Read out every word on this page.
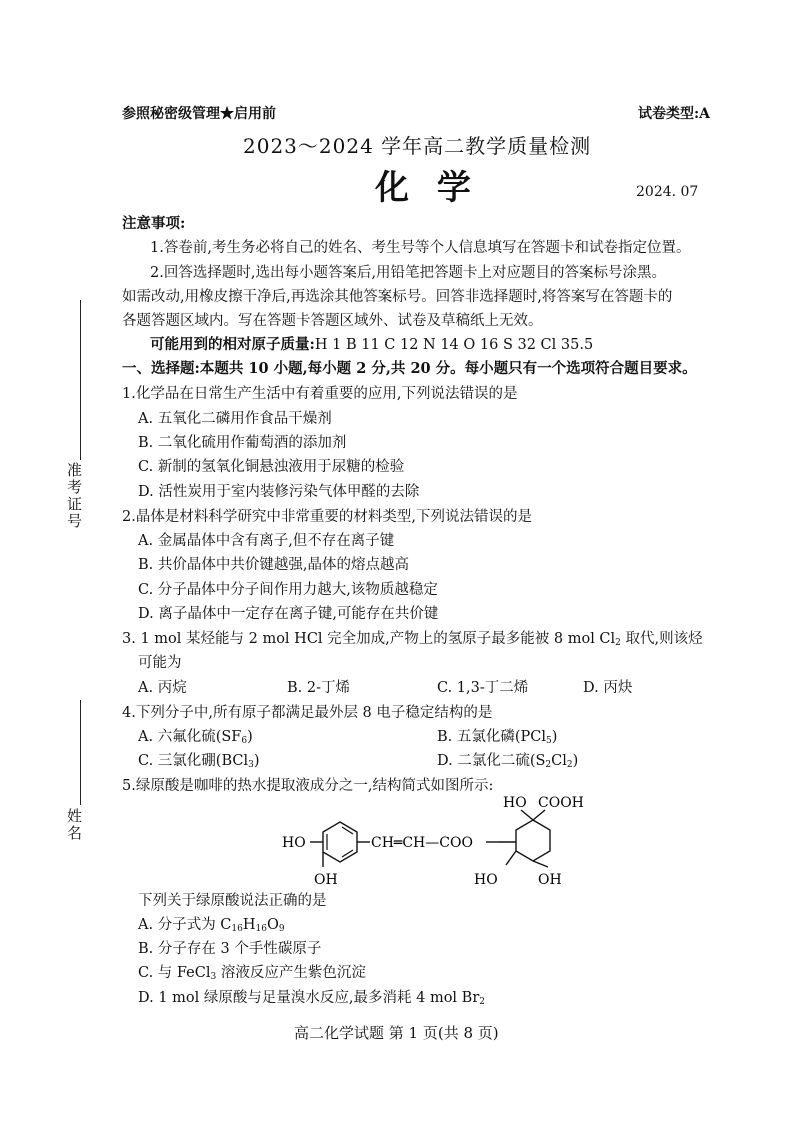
参照秘密级管理★启用前	试卷类型:A
2023～2024 学年高二教学质量检测
化 学	2024. 07
准考证号
姓名
注意事项:
1.答卷前,考生务必将自己的姓名、考生号等个人信息填写在答题卡和试卷指定位置。
2.回答选择题时,选出每小题答案后,用铅笔把答题卡上对应题目的答案标号涂黑。
如需改动,用橡皮擦干净后,再选涂其他答案标号。回答非选择题时,将答案写在答题卡的
各题答题区域内。写在答题卡答题区域外、试卷及草稿纸上无效。
可能用到的相对原子质量:H 1 B 11 C 12 N 14 O 16 S 32 Cl 35.5
一、选择题:本题共 10 小题,每小题 2 分,共 20 分。每小题只有一个选项符合题目要求。
1.化学品在日常生产生活中有着重要的应用,下列说法错误的是
A. 五氧化二磷用作食品干燥剂
B. 二氧化硫用作葡萄酒的添加剂
C. 新制的氢氧化铜悬浊液用于尿糖的检验
D. 活性炭用于室内装修污染气体甲醛的去除
2.晶体是材料科学研究中非常重要的材料类型,下列说法错误的是
A. 金属晶体中含有离子,但不存在离子键
B. 共价晶体中共价键越强,晶体的熔点越高
C. 分子晶体中分子间作用力越大,该物质越稳定
D. 离子晶体中一定存在离子键,可能存在共价键
3. 1 mol 某烃能与 2 mol HCl 完全加成,产物上的氢原子最多能被 8 mol $Cl_2$ 取代,则该烃
可能为
A. 丙烷	B. 2-丁烯	C. 1,3-丁二烯	D. 丙炔
4.下列分子中,所有原子都满足最外层 8 电子稳定结构的是
A. 六氟化硫$(SF_6)$	B. 五氯化磷(PCl$_5$)
C. 三氯化硼(BCl$_3$)	D. 二氯化二硫$(S_2Cl_2)$
5.绿原酸是咖啡的热水提取液成分之一,结构简式如图所示:
HO
OH
CH═CH—COO
HO COOH
HO	OH
下列关于绿原酸说法正确的是
A. 分子式为 $C_{16}H_{16}O_9$
B. 分子存在 3 个手性碳原子
C. 与 FeCl$_3$ 溶液反应产生紫色沉淀
D. 1 mol 绿原酸与足量溴水反应,最多消耗 4 mol $Br_2$
高二化学试题 第 1 页(共 8 页)
